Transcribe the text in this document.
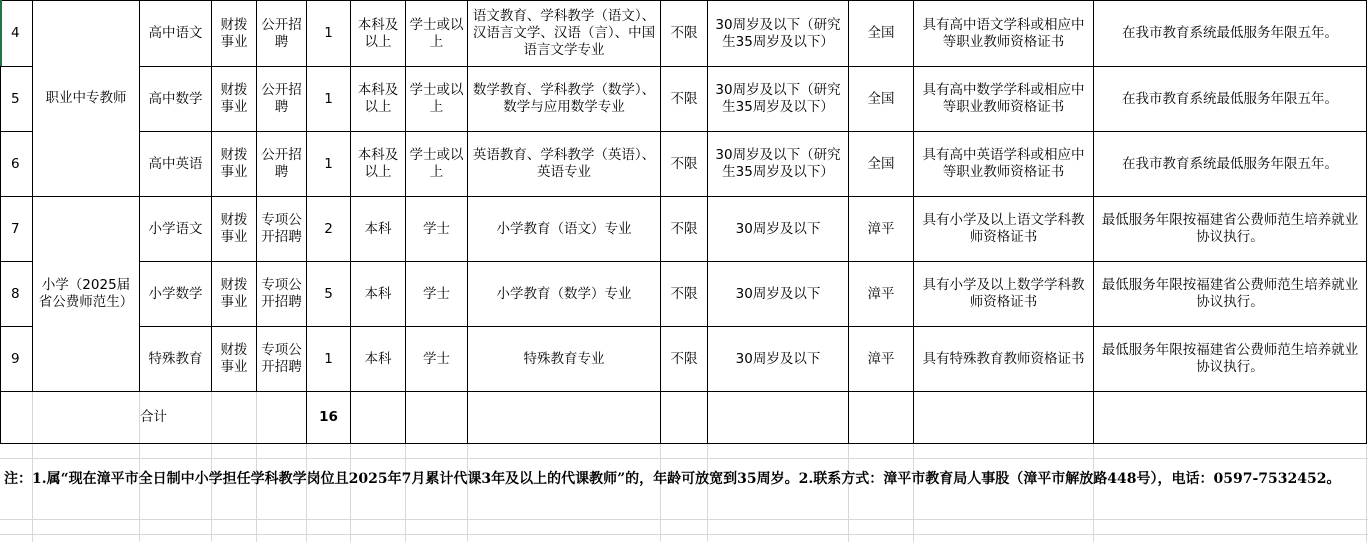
4	职业中专教师	高中语文	财拨事业	公开招聘	1	本科及以上	学士或以上	语文教育、学科教学（语文）、汉语言文学、汉语（言）、中国语言文学专业	不限	30周岁及以下（研究生35周岁及以下）	全国	具有高中语文学科或相应中等职业教师资格证书	在我市教育系统最低服务年限五年。
5		高中数学	财拨事业	公开招聘	1	本科及以上	学士或以上	数学教育、学科教学（数学）、数学与应用数学专业	不限	30周岁及以下（研究生35周岁及以下）	全国	具有高中数学学科或相应中等职业教师资格证书	在我市教育系统最低服务年限五年。
6		高中英语	财拨事业	公开招聘	1	本科及以上	学士或以上	英语教育、学科教学（英语）、英语专业	不限	30周岁及以下（研究生35周岁及以下）	全国	具有高中英语学科或相应中等职业教师资格证书	在我市教育系统最低服务年限五年。
7	小学（2025届省公费师范生）	小学语文	财拨事业	专项公开招聘	2	本科	学士	小学教育（语文）专业	不限	30周岁及以下	漳平	具有小学及以上语文学科教师资格证书	最低服务年限按福建省公费师范生培养就业协议执行。
8		小学数学	财拨事业	专项公开招聘	5	本科	学士	小学教育（数学）专业	不限	30周岁及以下	漳平	具有小学及以上数学学科教师资格证书	最低服务年限按福建省公费师范生培养就业协议执行。
9		特殊教育	财拨事业	专项公开招聘	1	本科	学士	特殊教育专业	不限	30周岁及以下	漳平	具有特殊教育教师资格证书	最低服务年限按福建省公费师范生培养就业协议执行。
合计					16								
注：1.属“现在漳平市全日制中小学担任学科教学岗位且2025年7月累计代课3年及以上的代课教师”的，年龄可放宽到35周岁。2.联系方式：漳平市教育局人事股（漳平市解放路448号），电话：0597-7532452。
